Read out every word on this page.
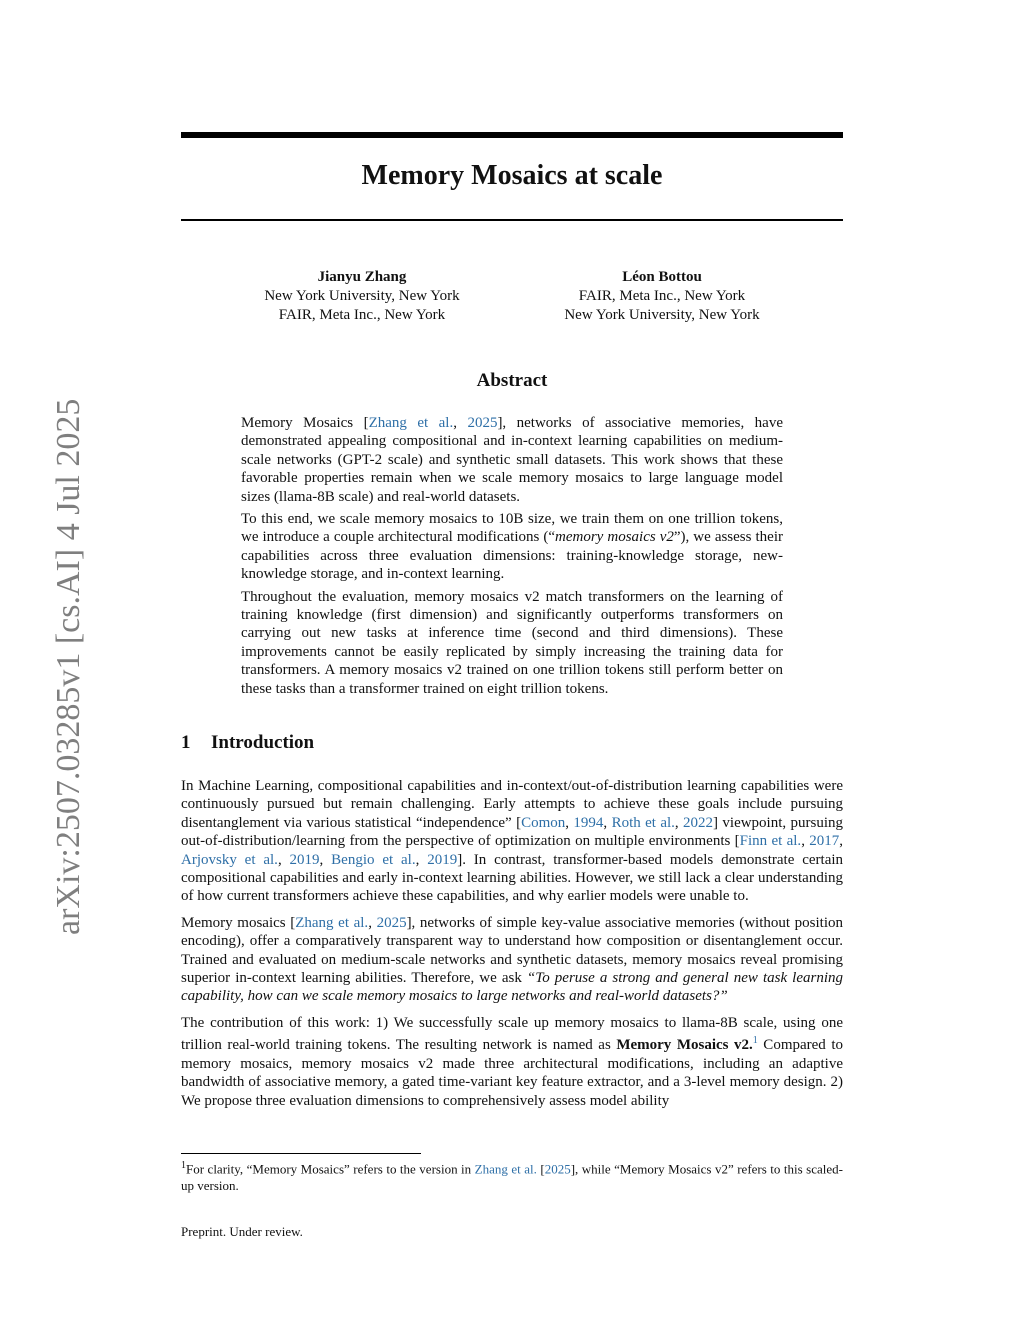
arXiv:2507.03285v1 [cs.AI] 4 Jul 2025
Memory Mosaics at scale
Jianyu Zhang
New York University, New York
FAIR, Meta Inc., New York
Léon Bottou
FAIR, Meta Inc., New York
New York University, New York
Abstract

Memory Mosaics [Zhang et al., 2025], networks of associative memories, have demonstrated appealing compositional and in-context learning capabilities on medium-scale networks (GPT-2 scale) and synthetic small datasets. This work shows that these favorable properties remain when we scale memory mosaics to large language model sizes (llama-8B scale) and real-world datasets.

To this end, we scale memory mosaics to 10B size, we train them on one trillion tokens, we introduce a couple architectural modifications (“memory mosaics v2”), we assess their capabilities across three evaluation dimensions: training-knowledge storage, new-knowledge storage, and in-context learning.

Throughout the evaluation, memory mosaics v2 match transformers on the learning of training knowledge (first dimension) and significantly outperforms transformers on carrying out new tasks at inference time (second and third dimensions). These improvements cannot be easily replicated by simply increasing the training data for transformers. A memory mosaics v2 trained on one trillion tokens still perform better on these tasks than a transformer trained on eight trillion tokens.

1 Introduction

In Machine Learning, compositional capabilities and in-context/out-of-distribution learning capabilities were continuously pursued but remain challenging. Early attempts to achieve these goals include pursuing disentanglement via various statistical “independence” [Comon, 1994, Roth et al., 2022] viewpoint, pursuing out-of-distribution/learning from the perspective of optimization on multiple environments [Finn et al., 2017, Arjovsky et al., 2019, Bengio et al., 2019]. In contrast, transformer-based models demonstrate certain compositional capabilities and early in-context learning abilities. However, we still lack a clear understanding of how current transformers achieve these capabilities, and why earlier models were unable to.

Memory mosaics [Zhang et al., 2025], networks of simple key-value associative memories (without position encoding), offer a comparatively transparent way to understand how composition or disentanglement occur. Trained and evaluated on medium-scale networks and synthetic datasets, memory mosaics reveal promising superior in-context learning abilities. Therefore, we ask “To peruse a strong and general new task learning capability, how can we scale memory mosaics to large networks and real-world datasets?”

The contribution of this work: 1) We successfully scale up memory mosaics to llama-8B scale, using one trillion real-world training tokens. The resulting network is named as Memory Mosaics v2.$^1$ Compared to memory mosaics, memory mosaics v2 made three architectural modifications, including an adaptive bandwidth of associative memory, a gated time-variant key feature extractor, and a 3-level memory design. 2) We propose three evaluation dimensions to comprehensively assess model ability

$^1$For clarity, “Memory Mosaics” refers to the version in Zhang et al. [2025], while “Memory Mosaics v2” refers to this scaled-up version.
Preprint. Under review.
